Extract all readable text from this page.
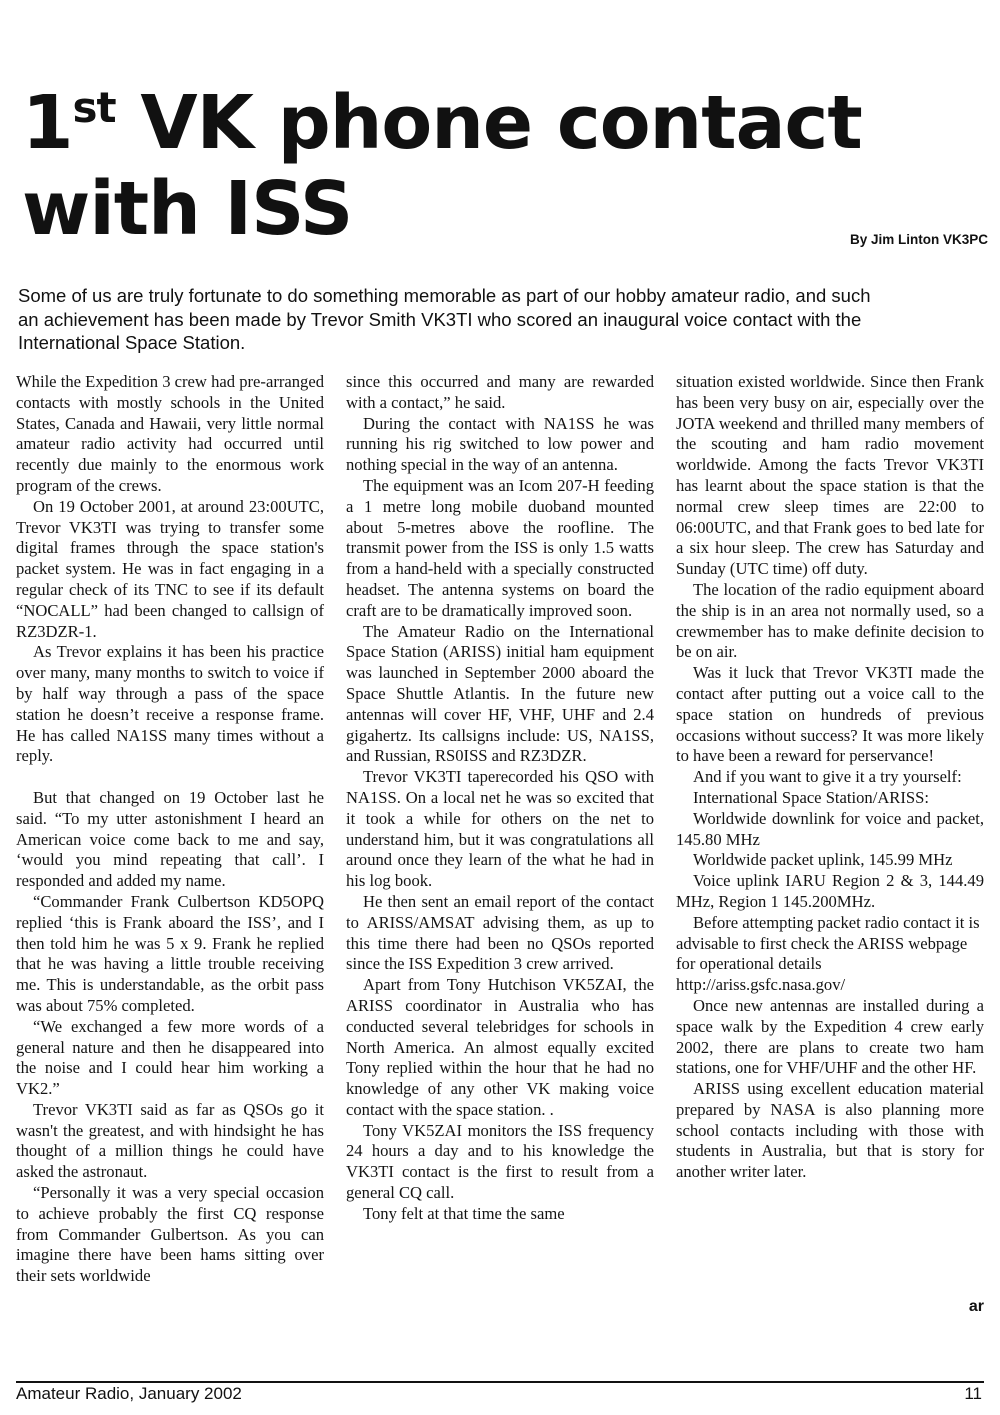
1st VK phone contact
with ISS	By Jim Linton VK3PC

Some of us are truly fortunate to do something memorable as part of our hobby amateur radio, and such an achievement has been made by Trevor Smith VK3TI who scored an inaugural voice contact with the International Space Station.

While the Expedition 3 crew had pre-arranged contacts with mostly schools in the United States, Canada and Hawaii, very little normal amateur radio activity had occurred until recently due mainly to the enormous work program of the crews.

On 19 October 2001, at around 23:00UTC, Trevor VK3TI was trying to transfer some digital frames through the space station's packet system. He was in fact engaging in a regular check of its TNC to see if its default “NOCALL” had been changed to callsign of RZ3DZR-1.

As Trevor explains it has been his practice over many, many months to switch to voice if by half way through a pass of the space station he doesn’t receive a response frame. He has called NA1SS many times without a reply.

But that changed on 19 October last he said. “To my utter astonishment I heard an American voice come back to me and say, ‘would you mind repeating that call’. I responded and added my name.

“Commander Frank Culbertson KD5OPQ replied ‘this is Frank aboard the ISS’, and I then told him he was 5 x 9. Frank he replied that he was having a little trouble receiving me. This is understandable, as the orbit pass was about 75% completed.

“We exchanged a few more words of a general nature and then he disappeared into the noise and I could hear him working a VK2.”

Trevor VK3TI said as far as QSOs go it wasn't the greatest, and with hindsight he has thought of a million things he could have asked the astronaut.

“Personally it was a very special occasion to achieve probably the first CQ response from Commander Gulbertson. As you can imagine there have been hams sitting over their sets worldwide

since this occurred and many are rewarded with a contact,” he said.

During the contact with NA1SS he was running his rig switched to low power and nothing special in the way of an antenna.

The equipment was an Icom 207-H feeding a 1 metre long mobile duoband mounted about 5-metres above the roofline. The transmit power from the ISS is only 1.5 watts from a hand-held with a specially constructed headset. The antenna systems on board the craft are to be dramatically improved soon.

The Amateur Radio on the International Space Station (ARISS) initial ham equipment was launched in September 2000 aboard the Space Shuttle Atlantis. In the future new antennas will cover HF, VHF, UHF and 2.4 gigahertz. Its callsigns include: US, NA1SS, and Russian, RS0ISS and RZ3DZR.

Trevor VK3TI taperecorded his QSO with NA1SS. On a local net he was so excited that it took a while for others on the net to understand him, but it was congratulations all around once they learn of the what he had in his log book.

He then sent an email report of the contact to ARISS/AMSAT advising them, as up to this time there had been no QSOs reported since the ISS Expedition 3 crew arrived.

Apart from Tony Hutchison VK5ZAI, the ARISS coordinator in Australia who has conducted several telebridges for schools in North America. An almost equally excited Tony replied within the hour that he had no knowledge of any other VK making voice contact with the space station. .

Tony VK5ZAI monitors the ISS frequency 24 hours a day and to his knowledge the VK3TI contact is the first to result from a general CQ call.

Tony felt at that time the same

situation existed worldwide. Since then Frank has been very busy on air, especially over the JOTA weekend and thrilled many members of the scouting and ham radio movement worldwide. Among the facts Trevor VK3TI has learnt about the space station is that the normal crew sleep times are 22:00 to 06:00UTC, and that Frank goes to bed late for a six hour sleep. The crew has Saturday and Sunday (UTC time) off duty.

The location of the radio equipment aboard the ship is in an area not normally used, so a crewmember has to make definite decision to be on air.

Was it luck that Trevor VK3TI made the contact after putting out a voice call to the space station on hundreds of previous occasions without success? It was more likely to have been a reward for perservance!

And if you want to give it a try yourself:

International Space Station/ARISS:

Worldwide downlink for voice and packet, 145.80 MHz

Worldwide packet uplink, 145.99 MHz

Voice uplink IARU Region 2 & 3, 144.49 MHz, Region 1 145.200MHz.

Before attempting packet radio contact it is advisable to first check the ARISS webpage for operational details http://ariss.gsfc.nasa.gov/

Once new antennas are installed during a space walk by the Expedition 4 crew early 2002, there are plans to create two ham stations, one for VHF/UHF and the other HF.

ARISS using excellent education material prepared by NASA is also planning more school contacts including with those with students in Australia, but that is story for another writer later.

ar
Amateur Radio, January 2002	11
